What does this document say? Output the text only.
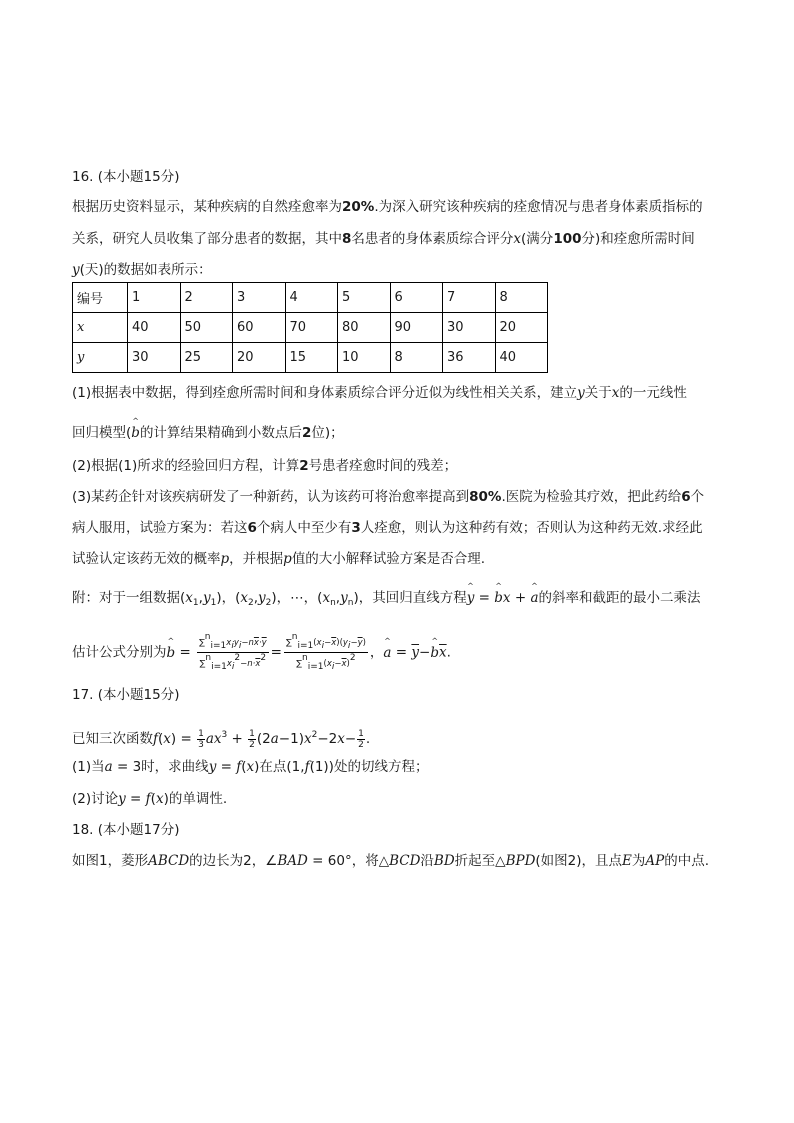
16. (本小题15分)
根据历史资料显示，某种疾病的自然痊愈率为20%.为深入研究该种疾病的痊愈情况与患者身体素质指标的
关系，研究人员收集了部分患者的数据，其中8名患者的身体素质综合评分x(满分100分)和痊愈所需时间
y(天)的数据如表所示：
编号	1	2	3	4	5	6	7	8
x	40	50	60	70	80	90	30	20
y	30	25	20	15	10	8	36	40
(1)根据表中数据，得到痊愈所需时间和身体素质综合评分近似为线性相关关系，建立y关于x的一元线性
回归模型(^ b的计算结果精确到小数点后2位)；
(2)根据(1)所求的经验回归方程，计算2号患者痊愈时间的残差；
(3)某药企针对该疾病研发了一种新药，认为该药可将治愈率提高到80%.医院为检验其疗效，把此药给6个
病人服用，试验方案为：若这6个病人中至少有3人痊愈，则认为这种药有效；否则认为这种药无效.求经此
试验认定该药无效的概率p，并根据p值的大小解释试验方案是否合理.
附：对于一组数据$(x_1,y_1)$，$(x_2,y_2)$，⋯，$(x_n,y_n)$，其回归直线方程^ y = ^ bx + ^ a的斜率和截距的最小二乘法
估计公式分别为^ $b = \frac{\sum^n_{i=1}x_iy_i-n\overline{x}\cdot\overline{y}}{\sum^n_{i=1}x_i^2-n\cdot\overline{x}^2} = \frac{\sum^n_{i=1}(x_i-\overline{x})(y_i-\overline{y})}{\sum^n_{i=1}(x_i-\overline{x})^2}$ ，^ $a = \overline{y}-\^{}$ $b\overline{x}$.
17. (本小题15分)
已知三次函数$f(x) = \frac{1}{3} ax^3 + \frac{1}{2} (2a-1)x^2-2x- \frac{1}{2}$ .
(1)当a = 3时，求曲线y = f(x)在点(1,f(1))处的切线方程；
(2)讨论y = f(x)的单调性.
18. (本小题17分)
如图1，菱形ABCD的边长为2，∠BAD = 60°，将△BCD沿BD折起至△BPD(如图2)，且点E为AP的中点.
